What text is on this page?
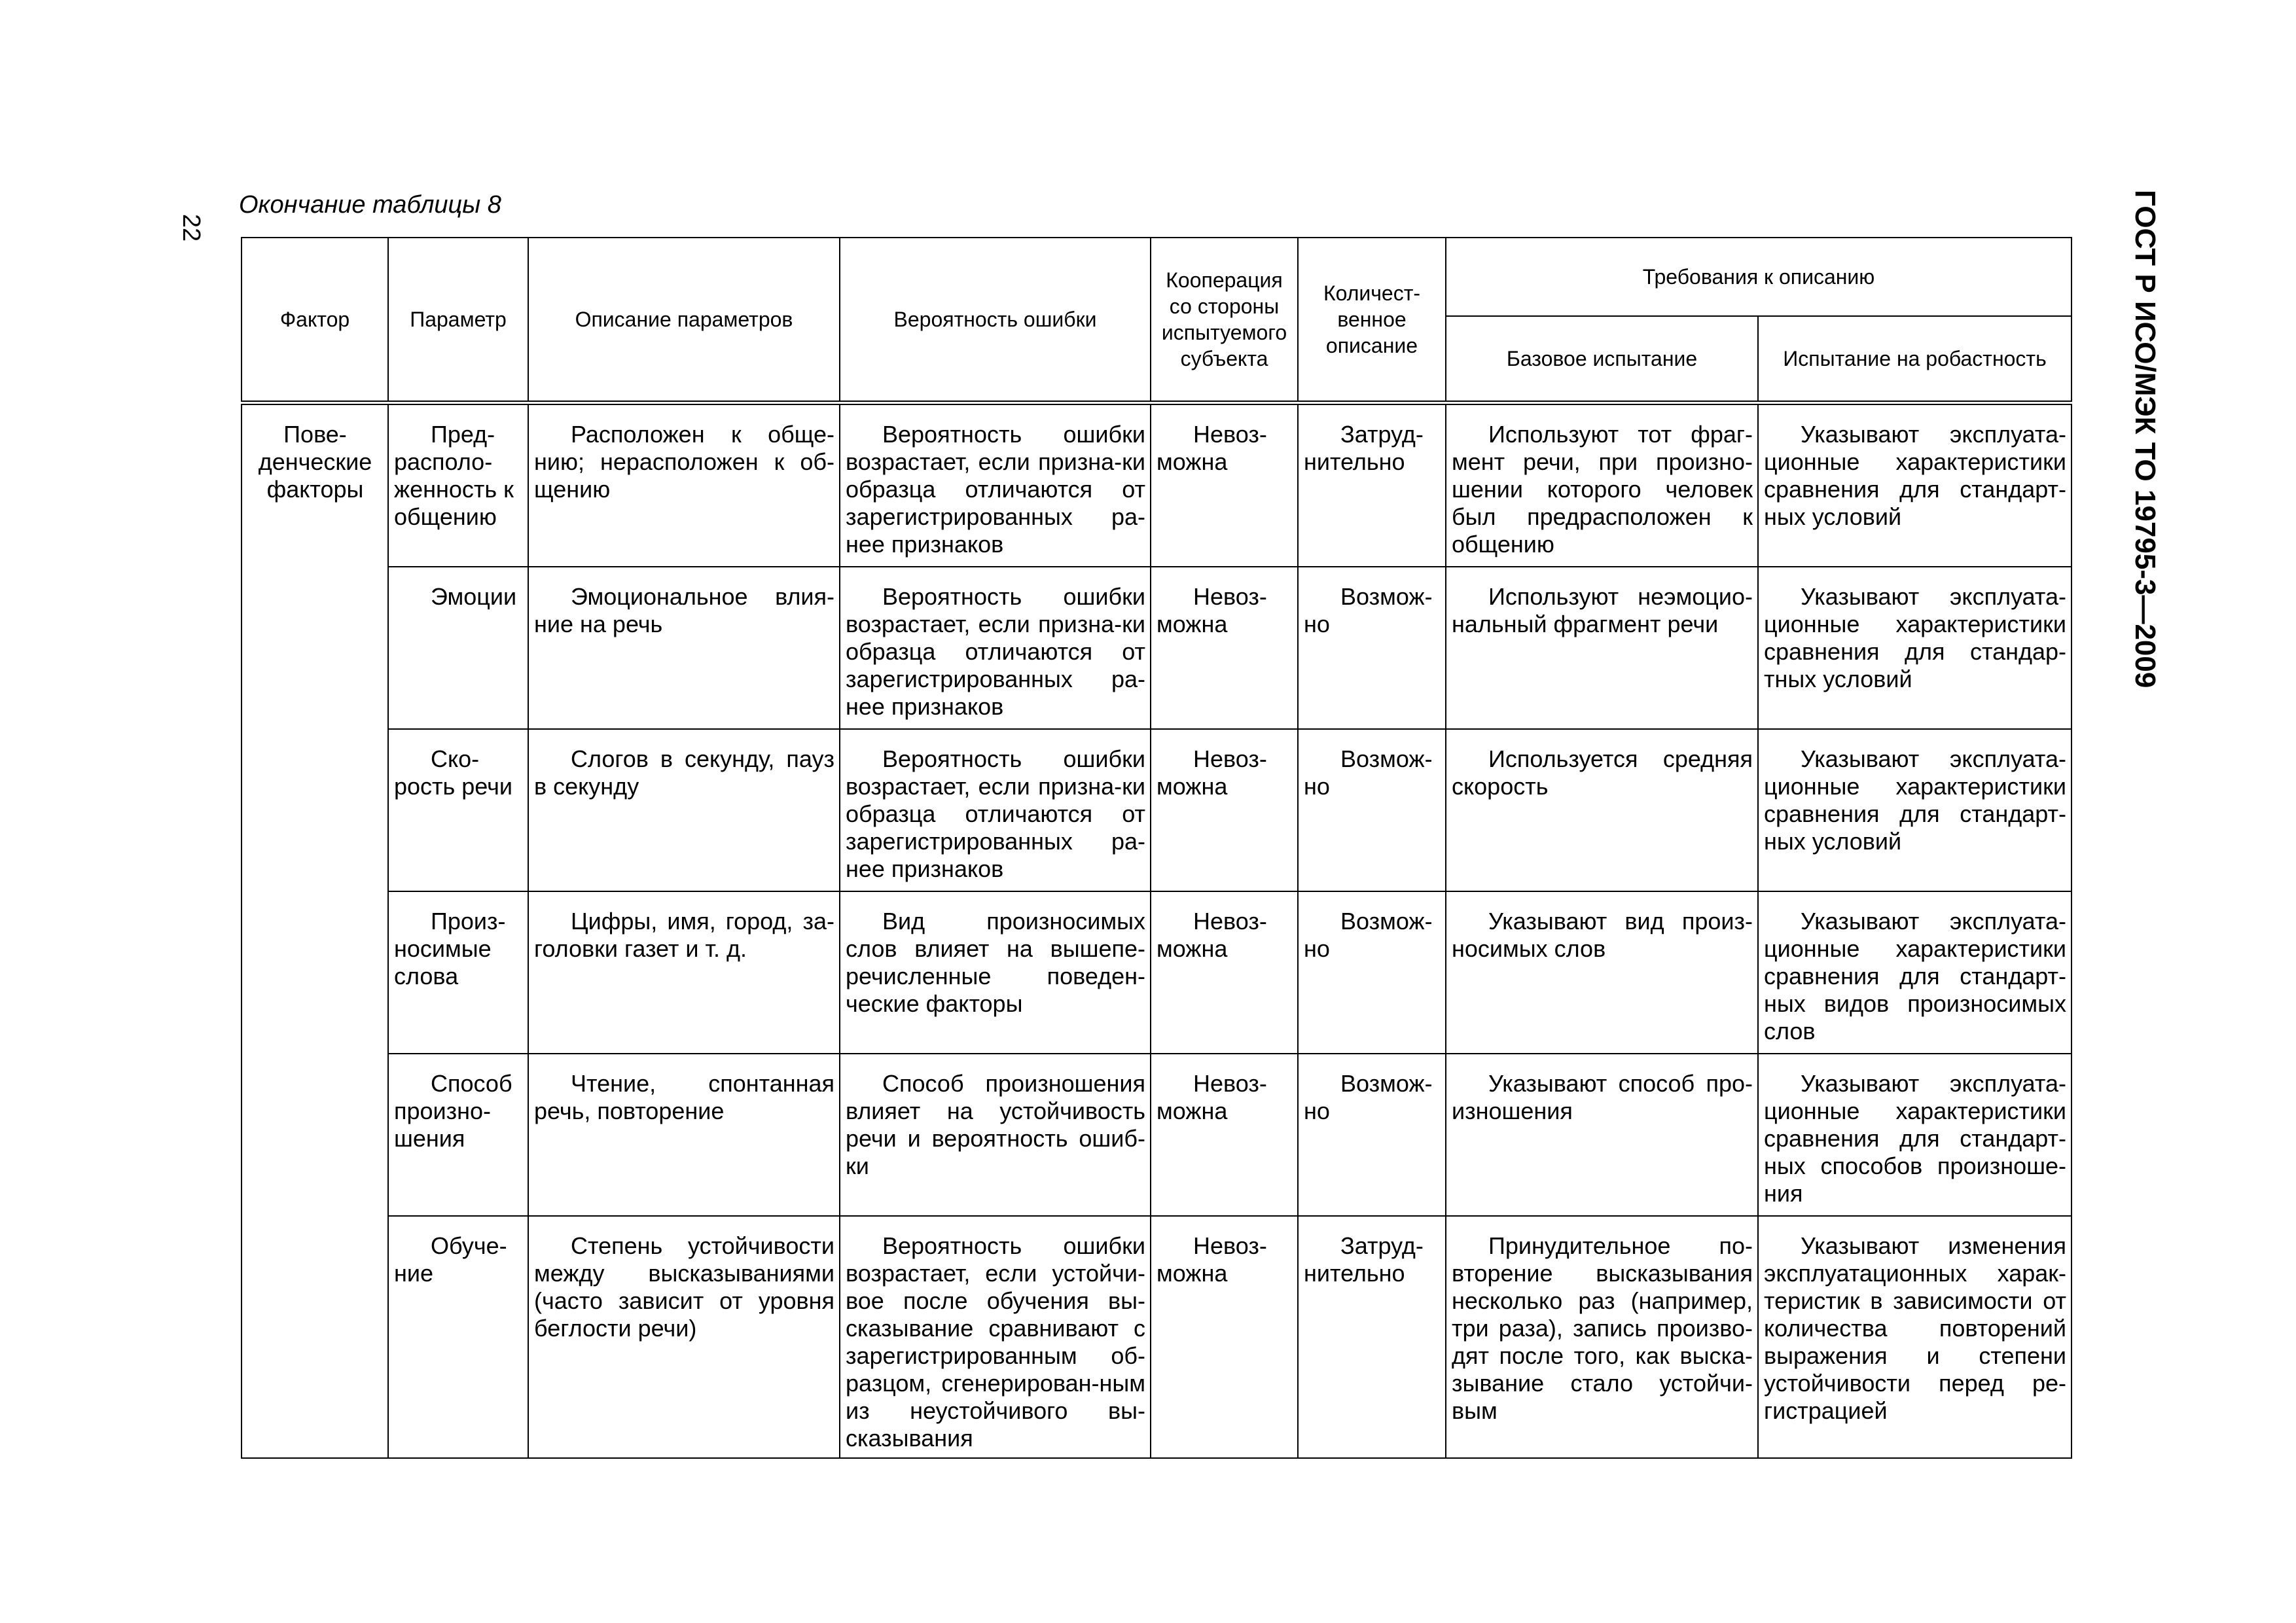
22
Окончание таблицы 8	ГОСТ Р ИСО/МЭК ТО 19795-3—2009
Фактор	Параметр	Описание параметров	Вероятность ошибки	Кооперация со стороны испытуемого субъекта	Количест-венное описание	Требования к описанию	
						Базовое испытание	Испытание на робастность
Пове-денческие факторы	Пред-располо-женность к общению	Расположен к обще-нию; нерасположен к об-щению	Вероятность ошибки возрастает, если призна-ки образца отличаются от зарегистрированных ра-нее признаков	Невоз-можна	Затруд-нительно	Используют тот фраг-мент речи, при произно-шении которого человек был предрасположен к общению	Указывают эксплуата-ционные характеристики сравнения для стандарт-ных условий
	Эмоции	Эмоциональное влия-ние на речь	Вероятность ошибки возрастает, если призна-ки образца отличаются от зарегистрированных ра-нее признаков	Невоз-можна	Возмож-но	Используют неэмоцио-нальный фрагмент речи	Указывают эксплуата-ционные характеристики сравнения для стандар-тных условий
	Ско-рость речи	Слогов в секунду, пауз в секунду	Вероятность ошибки возрастает, если призна-ки образца отличаются от зарегистрированных ра-нее признаков	Невоз-можна	Возмож-но	Используется средняя скорость	Указывают эксплуата-ционные характеристики сравнения для стандарт-ных условий
	Произ-носимые слова	Цифры, имя, город, за-головки газет и т. д.	Вид произносимых слов влияет на вышепе-речисленные поведен-ческие факторы	Невоз-можна	Возмож-но	Указывают вид произ-носимых слов	Указывают эксплуата-ционные характеристики сравнения для стандарт-ных видов произносимых слов
	Способ произно-шения	Чтение, спонтанная речь, повторение	Способ произношения влияет на устойчивость речи и вероятность ошиб-ки	Невоз-можна	Возмож-но	Указывают способ про-изношения	Указывают эксплуата-ционные характеристики сравнения для стандарт-ных способов произноше-ния
	Обуче-ние	Степень устойчивости между высказываниями (часто зависит от уровня беглости речи)	Вероятность ошибки возрастает, если устойчи-вое после обучения вы-сказывание сравнивают с зарегистрированным об-разцом, сгенерирован-ным из неустойчивого вы-сказывания	Невоз-можна	Затруд-нительно	Принудительное по-вторение высказывания несколько раз (например, три раза), запись произво-дят после того, как выска-зывание стало устойчи-вым	Указывают изменения эксплуатационных харак-теристик в зависимости от количества повторений выражения и степени устойчивости перед ре-гистрацией
